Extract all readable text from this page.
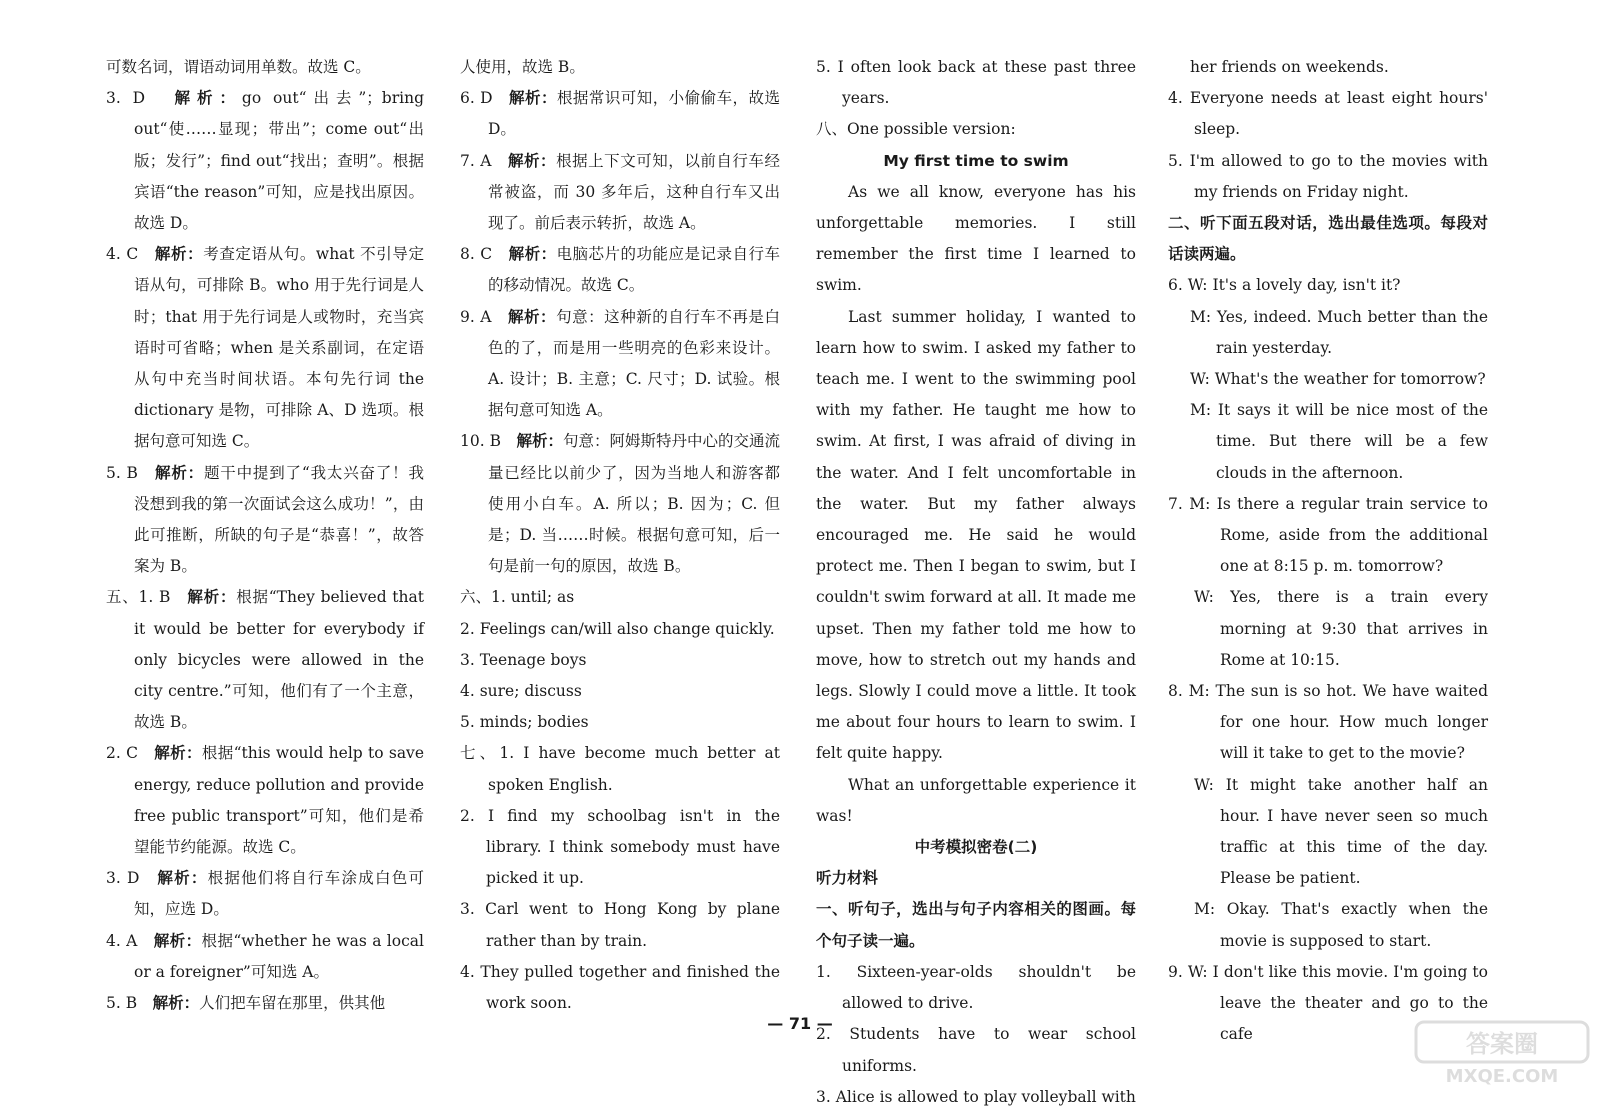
可数名词，谓语动词用单数。故选 C。

3. D　 解析：go out“出去”；bring out“使……显现；带出”；come out“出版；发行”；find out“找出；查明”。根据宾语“the reason”可知，应是找出原因。故选 D。

4. C　 解析：考查定语从句。what 不引导定语从句，可排除 B。who 用于先行词是人时；that 用于先行词是人或物时，充当宾语时可省略；when 是关系副词，在定语从句中充当时间状语。本句先行词 the dictionary 是物，可排除 A、D 选项。根据句意可知选 C。

5. B　 解析：题干中提到了“我太兴奋了！我没想到我的第一次面试会这么成功！”，由此可推断，所缺的句子是“恭喜！”，故答案为 B。

五、1. B　 解析：根据“They believed that it would be better for everybody if only bicycles were allowed in the city centre.”可知，他们有了一个主意，故选 B。

2. C　 解析：根据“this would help to save energy, reduce pollution and provide free public transport”可知，他们是希望能节约能源。故选 C。

3. D　 解析：根据他们将自行车涂成白色可知，应选 D。

4. A　 解析：根据“whether he was a local or a foreigner”可知选 A。

5. B　 解析：人们把车留在那里，供其他

人使用，故选 B。

6. D　 解析：根据常识可知，小偷偷车，故选 D。

7. A　 解析：根据上下文可知，以前自行车经常被盗，而 30 多年后，这种自行车又出现了。前后表示转折，故选 A。

8. C　 解析：电脑芯片的功能应是记录自行车的移动情况。故选 C。

9. A　 解析：句意：这种新的自行车不再是白色的了，而是用一些明亮的色彩来设计。A. 设计；B. 主意；C. 尺寸；D. 试验。根据句意可知选 A。

10. B　 解析：句意：阿姆斯特丹中心的交通流量已经比以前少了，因为当地人和游客都使用小白车。A. 所以；B. 因为；C. 但是；D. 当……时候。根据句意可知，后一句是前一句的原因，故选 B。

六、1. until; as

2. Feelings can/will also change quickly.

3. Teenage boys

4. sure; discuss

5. minds; bodies

七、1. I have become much better at spoken English.

2. I find my schoolbag isn't in the library. I think somebody must have picked it up.

3. Carl went to Hong Kong by plane rather than by train.

4. They pulled together and finished the work soon.

5. I often look back at these past three years.

八、One possible version:

My first time to swim

As we all know, everyone has his unforgettable memories. I still remember the first time I learned to swim.

Last summer holiday, I wanted to learn how to swim. I asked my father to teach me. I went to the swimming pool with my father. He taught me how to swim. At first, I was afraid of diving in the water. And I felt uncomfortable in the water. But my father always encouraged me. He said he would protect me. Then I began to swim, but I couldn't swim forward at all. It made me upset. Then my father told me how to move, how to stretch out my hands and legs. Slowly I could move a little. It took me about four hours to learn to swim. I felt quite happy.

What an unforgettable experience it was!

中考模拟密卷(二)

听力材料

一、听句子，选出与句子内容相关的图画。每个句子读一遍。

1. Sixteen-year-olds shouldn't be allowed to drive.

2. Students have to wear school uniforms.

3. Alice is allowed to play volleyball with

her friends on weekends.

4. Everyone needs at least eight hours' sleep.

5. I'm allowed to go to the movies with my friends on Friday night.

二、听下面五段对话，选出最佳选项。每段对话读两遍。

6. W: It's a lovely day, isn't it?

M: Yes, indeed. Much better than the rain yesterday.

W: What's the weather for tomorrow?

M: It says it will be nice most of the time. But there will be a few clouds in the afternoon.

7. M: Is there a regular train service to Rome, aside from the additional one at 8:15 p. m. tomorrow?

W: Yes, there is a train every morning at 9:30 that arrives in Rome at 10:15.

8. M: The sun is so hot. We have waited for one hour. How much longer will it take to get to the movie?

W: It might take another half an hour. I have never seen so much traffic at this time of the day. Please be patient.

M: Okay. That's exactly when the movie is supposed to start.

9. W: I don't like this movie. I'm going to leave the theater and go to the cafe

— 71 —
答案圈
MXQE.COM
